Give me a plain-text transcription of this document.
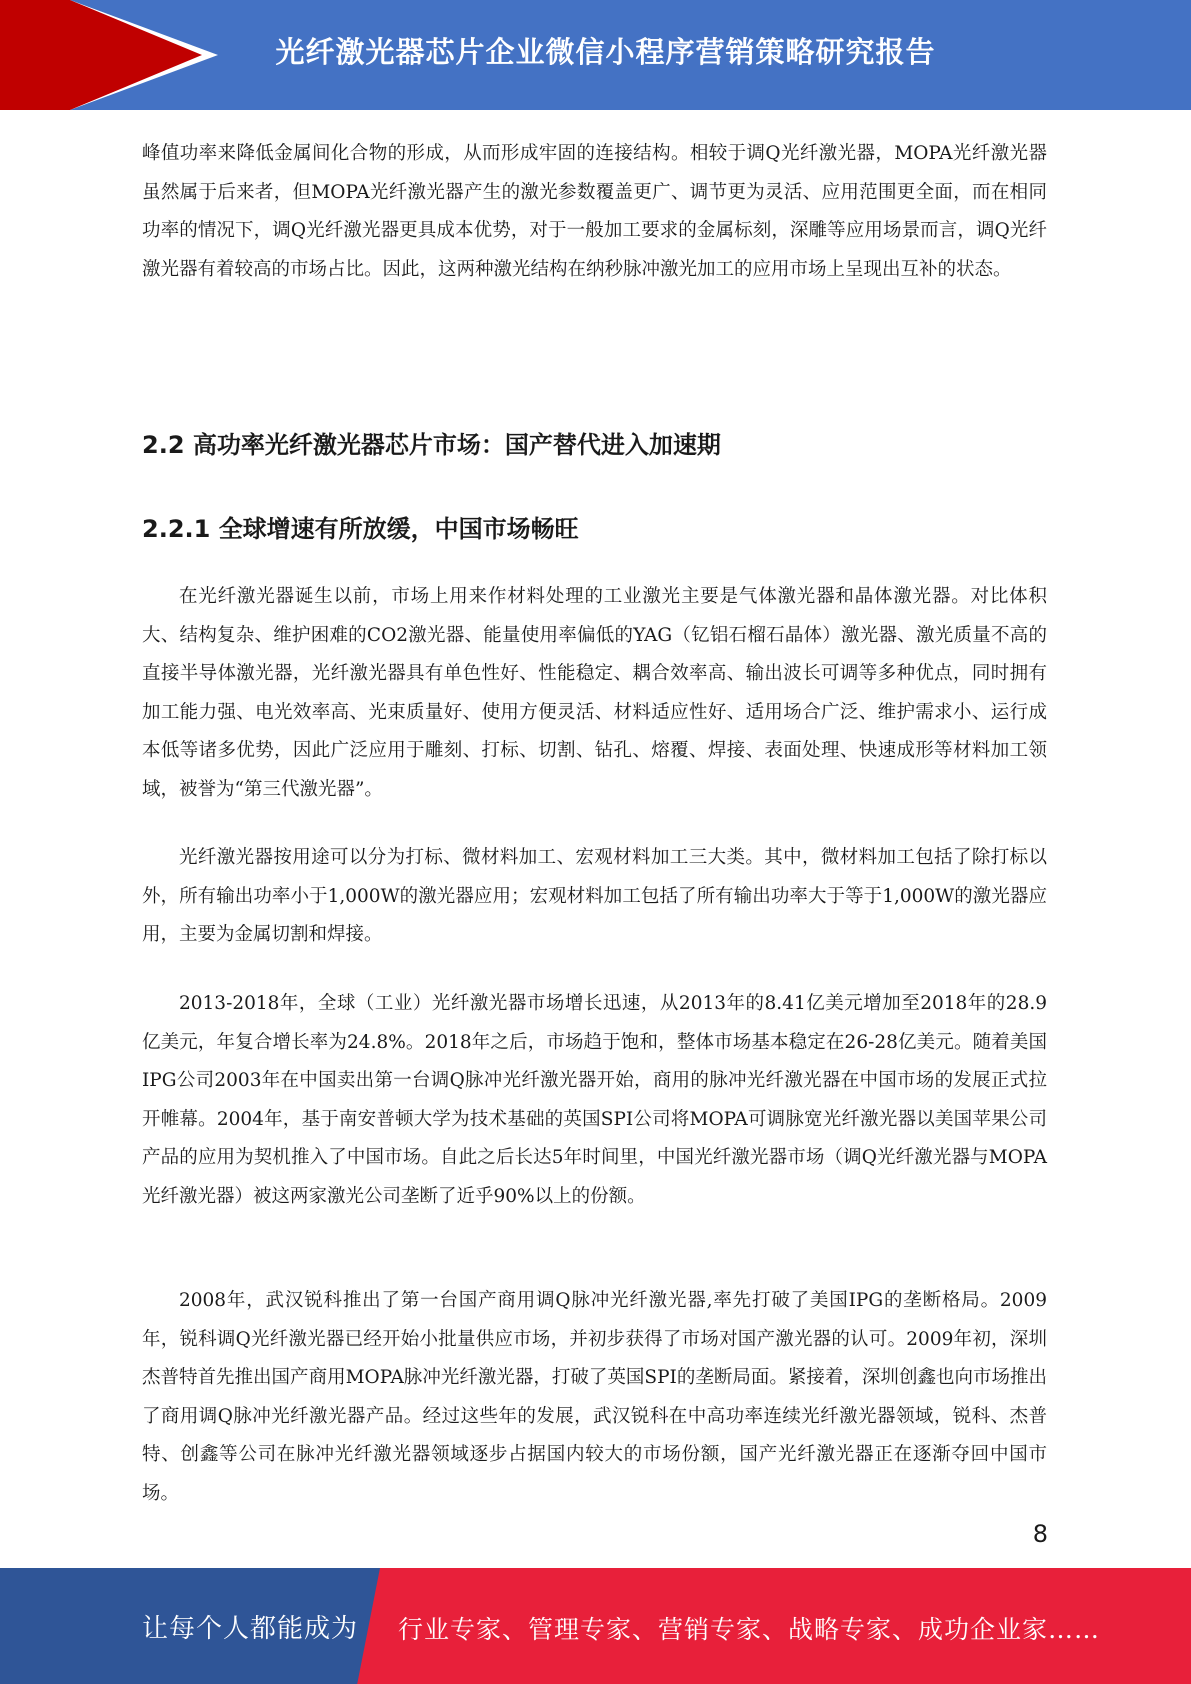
光纤激光器芯片企业微信小程序营销策略研究报告

峰值功率来降低金属间化合物的形成，从而形成牢固的连接结构。相较于调Q光纤激光器，MOPA光纤激光器虽然属于后来者，但MOPA光纤激光器产生的激光参数覆盖更广、调节更为灵活、应用范围更全面，而在相同功率的情况下，调Q光纤激光器更具成本优势，对于一般加工要求的金属标刻，深雕等应用场景而言，调Q光纤激光器有着较高的市场占比。因此，这两种激光结构在纳秒脉冲激光加工的应用市场上呈现出互补的状态。

2.2 高功率光纤激光器芯片市场：国产替代进入加速期
2.2.1 全球增速有所放缓，中国市场畅旺

在光纤激光器诞生以前，市场上用来作材料处理的工业激光主要是气体激光器和晶体激光器。对比体积大、结构复杂、维护困难的CO2激光器、能量使用率偏低的YAG（钇铝石榴石晶体）激光器、激光质量不高的直接半导体激光器，光纤激光器具有单色性好、性能稳定、耦合效率高、输出波长可调等多种优点，同时拥有加工能力强、电光效率高、光束质量好、使用方便灵活、材料适应性好、适用场合广泛、维护需求小、运行成本低等诸多优势，因此广泛应用于雕刻、打标、切割、钻孔、熔覆、焊接、表面处理、快速成形等材料加工领域，被誉为“第三代激光器”。

光纤激光器按用途可以分为打标、微材料加工、宏观材料加工三大类。其中，微材料加工包括了除打标以外，所有输出功率小于1,000W的激光器应用；宏观材料加工包括了所有输出功率大于等于1,000W的激光器应用，主要为金属切割和焊接。

2013-2018年，全球（工业）光纤激光器市场增长迅速，从2013年的8.41亿美元增加至2018年的28.9亿美元，年复合增长率为24.8%。2018年之后，市场趋于饱和，整体市场基本稳定在26-28亿美元。随着美国IPG公司2003年在中国卖出第一台调Q脉冲光纤激光器开始，商用的脉冲光纤激光器在中国市场的发展正式拉开帷幕。2004年，基于南安普顿大学为技术基础的英国SPI公司将MOPA可调脉宽光纤激光器以美国苹果公司产品的应用为契机推入了中国市场。自此之后长达5年时间里，中国光纤激光器市场（调Q光纤激光器与MOPA光纤激光器）被这两家激光公司垄断了近乎90%以上的份额。

2008年，武汉锐科推出了第一台国产商用调Q脉冲光纤激光器,率先打破了美国IPG的垄断格局。2009年，锐科调Q光纤激光器已经开始小批量供应市场，并初步获得了市场对国产激光器的认可。2009年初，深圳杰普特首先推出国产商用MOPA脉冲光纤激光器，打破了英国SPI的垄断局面。紧接着，深圳创鑫也向市场推出了商用调Q脉冲光纤激光器产品。经过这些年的发展，武汉锐科在中高功率连续光纤激光器领域，锐科、杰普特、创鑫等公司在脉冲光纤激光器领域逐步占据国内较大的市场份额，国产光纤激光器正在逐渐夺回中国市场。

8
让每个人都能成为 行业专家、管理专家、营销专家、战略专家、成功企业家……
